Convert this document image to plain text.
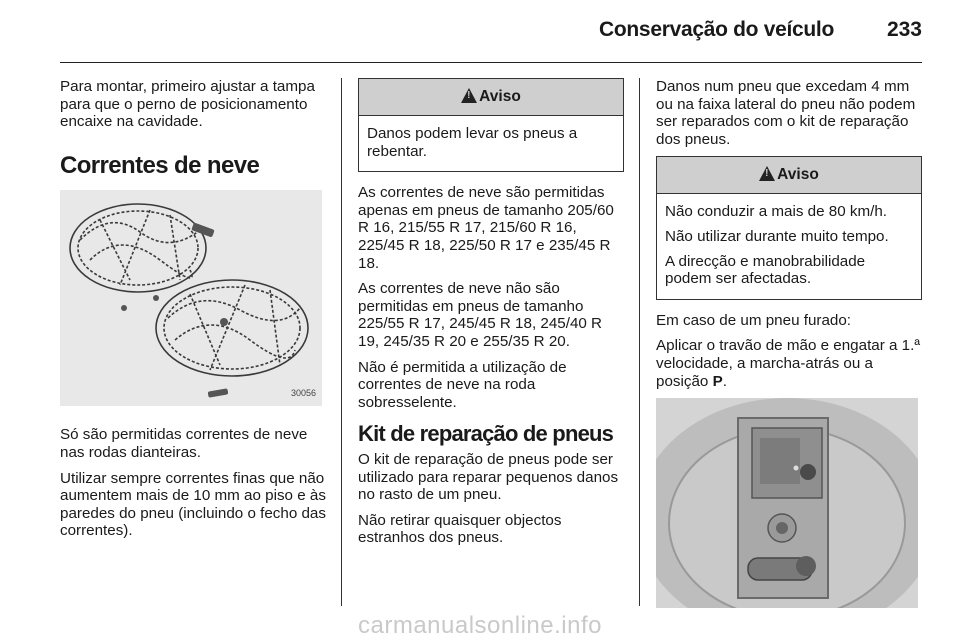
Conservação do veículo	233

Para montar, primeiro ajustar a tampa para que o perno de posicionamento encaixe na cavidade.

Correntes de neve
30056

Só são permitidas correntes de neve nas rodas dianteiras.

Utilizar sempre correntes finas que não aumentem mais de 10 mm ao piso e às paredes do pneu (incluindo o fecho das correntes).

!Aviso

Danos podem levar os pneus a rebentar.

As correntes de neve são permitidas apenas em pneus de tamanho 205/60 R 16, 215/55 R 17, 215/60 R 16, 225/45 R 18, 225/50 R 17 e 235/45 R 18.

As correntes de neve não são permitidas em pneus de tamanho 225/55 R 17, 245/45 R 18, 245/40 R 19, 245/35 R 20 e 255/35 R 20.

Não é permitida a utilização de correntes de neve na roda sobresselente.

Kit de reparação de pneus

O kit de reparação de pneus pode ser utilizado para reparar pequenos danos no rasto de um pneu.

Não retirar quaisquer objectos estranhos dos pneus.

Danos num pneu que excedam 4 mm ou na faixa lateral do pneu não podem ser reparados com o kit de reparação dos pneus.

!Aviso

Não conduzir a mais de 80 km/h.

Não utilizar durante muito tempo.

A direcção e manobrabilidade podem ser afectadas.

Em caso de um pneu furado:

Aplicar o travão de mão e engatar a 1.ª velocidade, a marcha-atrás ou a posição P.

carmanualsonline.info
